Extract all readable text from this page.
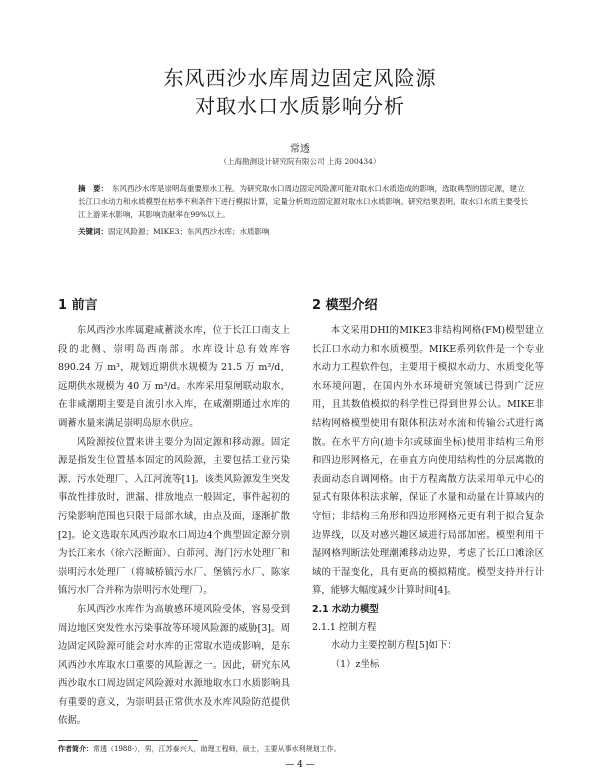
东风西沙水库周边固定风险源
对取水口水质影响分析
常透
（上海勘测设计研究院有限公司 上海 200434）
摘　要： 东风西沙水库是崇明岛重要原水工程。为研究取水口周边固定风险源可能对取水口水质造成的影响，选取典型的固定源，建立长江口水动力和水质模型在枯季不利条件下进行模拟计算，定量分析周边固定源对取水口水质影响。研究结果表明，取水口水质主要受长江上游来水影响，其影响贡献率在99%以上。
关键词：固定风险源；MIKE3；东风西沙水库；水质影响
1 前言

东风西沙水库属避咸蓄淡水库，位于长江口南支上段的北侧、崇明岛西南部。水库设计总有效库容 890.24 万 m³，规划近期供水规模为 21.5 万 m³/d，远期供水规模为 40 万 m³/d。水库采用泵闸联动取水，在非咸潮期主要是自流引水入库，在咸潮期通过水库的调蓄水量来满足崇明岛原水供应。

风险源按位置来讲主要分为固定源和移动源。固定源是指发生位置基本固定的风险源，主要包括工业污染源、污水处理厂、入江河流等[1]。该类风险源发生突发事故性排放时，泄漏、排放地点一般固定，事件起初的污染影响范围也只限于局部水域，由点及面，逐渐扩散[2]。论文选取东风西沙取水口周边4个典型固定源分别为长江来水（徐六泾断面）、白茆河、海门污水处理厂和崇明污水处理厂（将城桥镇污水厂、堡镇污水厂、陈家镇污水厂合并称为崇明污水处理厂）。

东风西沙水库作为高敏感环境风险受体，容易受到周边地区突发性水污染事故等环境风险源的威胁[3]。周边固定风险源可能会对水库的正常取水造成影响，是东风西沙水库取水口重要的风险源之一。因此，研究东风西沙取水口周边固定风险源对水源地取水口水质影响具有重要的意义，为崇明县正常供水及水库风险防范提供依据。

2 模型介绍

本文采用DHI的MIKE3非结构网格(FM)模型建立长江口水动力和水质模型。MIKE系列软件是一个专业水动力工程软件包，主要用于模拟水动力、水质变化等水环境问题，在国内外水环境研究领域已得到广泛应用，且其数值模拟的科学性已得到世界公认。MIKE非结构网格模型使用有限体积法对水流和传输公式进行离散。在水平方向(迪卡尔或球面坐标)使用非结构三角形和四边形网格元，在垂直方向使用结构性的分层离散的表面动态自调网格。由于方程离散方法采用单元中心的显式有限体积法求解，保证了水量和动量在计算域内的守恒；非结构三角形和四边形网格元更有利于拟合复杂边界线，以及对感兴趣区域进行局部加密。模型利用干湿网格判断法处理潮滩移动边界，考虑了长江口滩涂区域的干湿变化，具有更高的模拟精度。模型支持并行计算，能够大幅度减少计算时间[4]。

2.1 水动力模型
2.1.1 控制方程

水动力主要控制方程[5]如下：

（1）z坐标

作者简介：常透（1988-），男，江苏泰兴人，助理工程师，硕士，主要从事水利规划工作。
— 4 —
